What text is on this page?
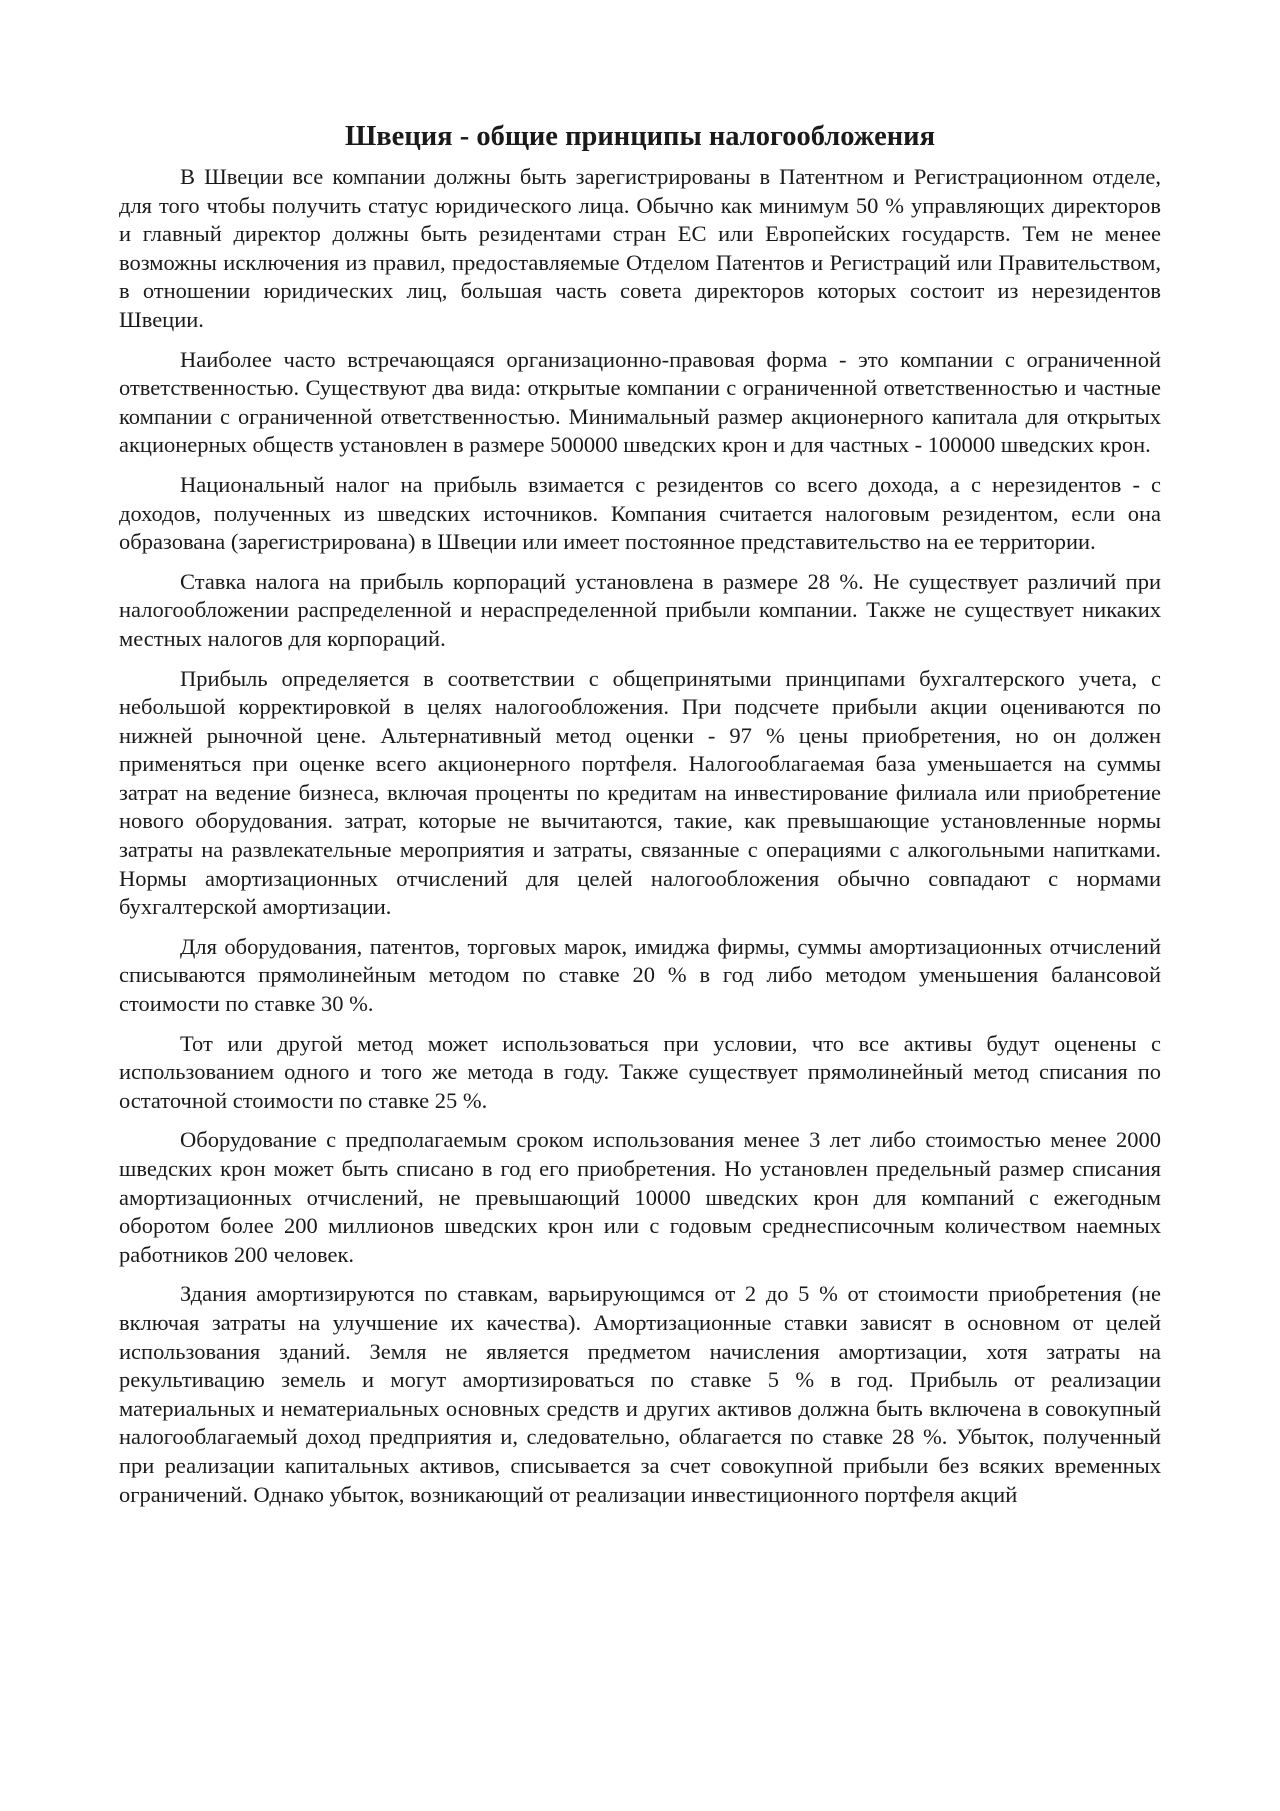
Швеция - общие принципы налогообложения

В Швеции все компании должны быть зарегистрированы в Патентном и Регистрационном отделе, для того чтобы получить статус юридического лица. Обычно как минимум 50 % управляющих директоров и главный директор должны быть резидентами стран ЕС или Европейских государств. Тем не менее возможны исключения из правил, предоставляемые Отделом Патентов и Регистраций или Правительством, в отношении юридических лиц, большая часть совета директоров которых состоит из нерезидентов Швеции.

Наиболее часто встречающаяся организационно-правовая форма - это компании с ограниченной ответственностью. Существуют два вида: открытые компании с ограниченной ответственностью и частные компании с ограниченной ответственностью. Минимальный размер акционерного капитала для открытых акционерных обществ установлен в размере 500000 шведских крон и для частных - 100000 шведских крон.

Национальный налог на прибыль взимается с резидентов со всего дохода, а с нерезидентов - с доходов, полученных из шведских источников. Компания считается налоговым резидентом, если она образована (зарегистрирована) в Швеции или имеет постоянное представительство на ее территории.

Ставка налога на прибыль корпораций установлена в размере 28 %. Не существует различий при налогообложении распределенной и нераспределенной прибыли компании. Также не существует никаких местных налогов для корпораций.

Прибыль определяется в соответствии с общепринятыми принципами бухгалтерского учета, с небольшой корректировкой в целях налогообложения. При подсчете прибыли акции оцениваются по нижней рыночной цене. Альтернативный метод оценки - 97 % цены приобретения, но он должен применяться при оценке всего акционерного портфеля. Налогооблагаемая база уменьшается на суммы затрат на ведение бизнеса, включая проценты по кредитам на инвестирование филиала или приобретение нового оборудования. затрат, которые не вычитаются, такие, как превышающие установленные нормы затраты на развлекательные мероприятия и затраты, связанные с операциями с алкогольными напитками. Нормы амортизационных отчислений для целей налогообложения обычно совпадают с нормами бухгалтерской амортизации.

Для оборудования, патентов, торговых марок, имиджа фирмы, суммы амортизационных отчислений списываются прямолинейным методом по ставке 20 % в год либо методом уменьшения балансовой стоимости по ставке 30 %.

Тот или другой метод может использоваться при условии, что все активы будут оценены с использованием одного и того же метода в году. Также существует прямолинейный метод списания по остаточной стоимости по ставке 25 %.

Оборудование с предполагаемым сроком использования менее 3 лет либо стоимостью менее 2000 шведских крон может быть списано в год его приобретения. Но установлен предельный размер списания амортизационных отчислений, не превышающий 10000 шведских крон для компаний с ежегодным оборотом более 200 миллионов шведских крон или с годовым среднесписочным количеством наемных работников 200 человек.

Здания амортизируются по ставкам, варьирующимся от 2 до 5 % от стоимости приобретения (не включая затраты на улучшение их качества). Амортизационные ставки зависят в основном от целей использования зданий. Земля не является предметом начисления амортизации, хотя затраты на рекультивацию земель и могут амортизироваться по ставке 5 % в год. Прибыль от реализации материальных и нематериальных основных средств и других активов должна быть включена в совокупный налогооблагаемый доход предприятия и, следовательно, облагается по ставке 28 %. Убыток, полученный при реализации капитальных активов, списывается за счет совокупной прибыли без всяких временных ограничений. Однако убыток, возникающий от реализации инвестиционного портфеля акций
